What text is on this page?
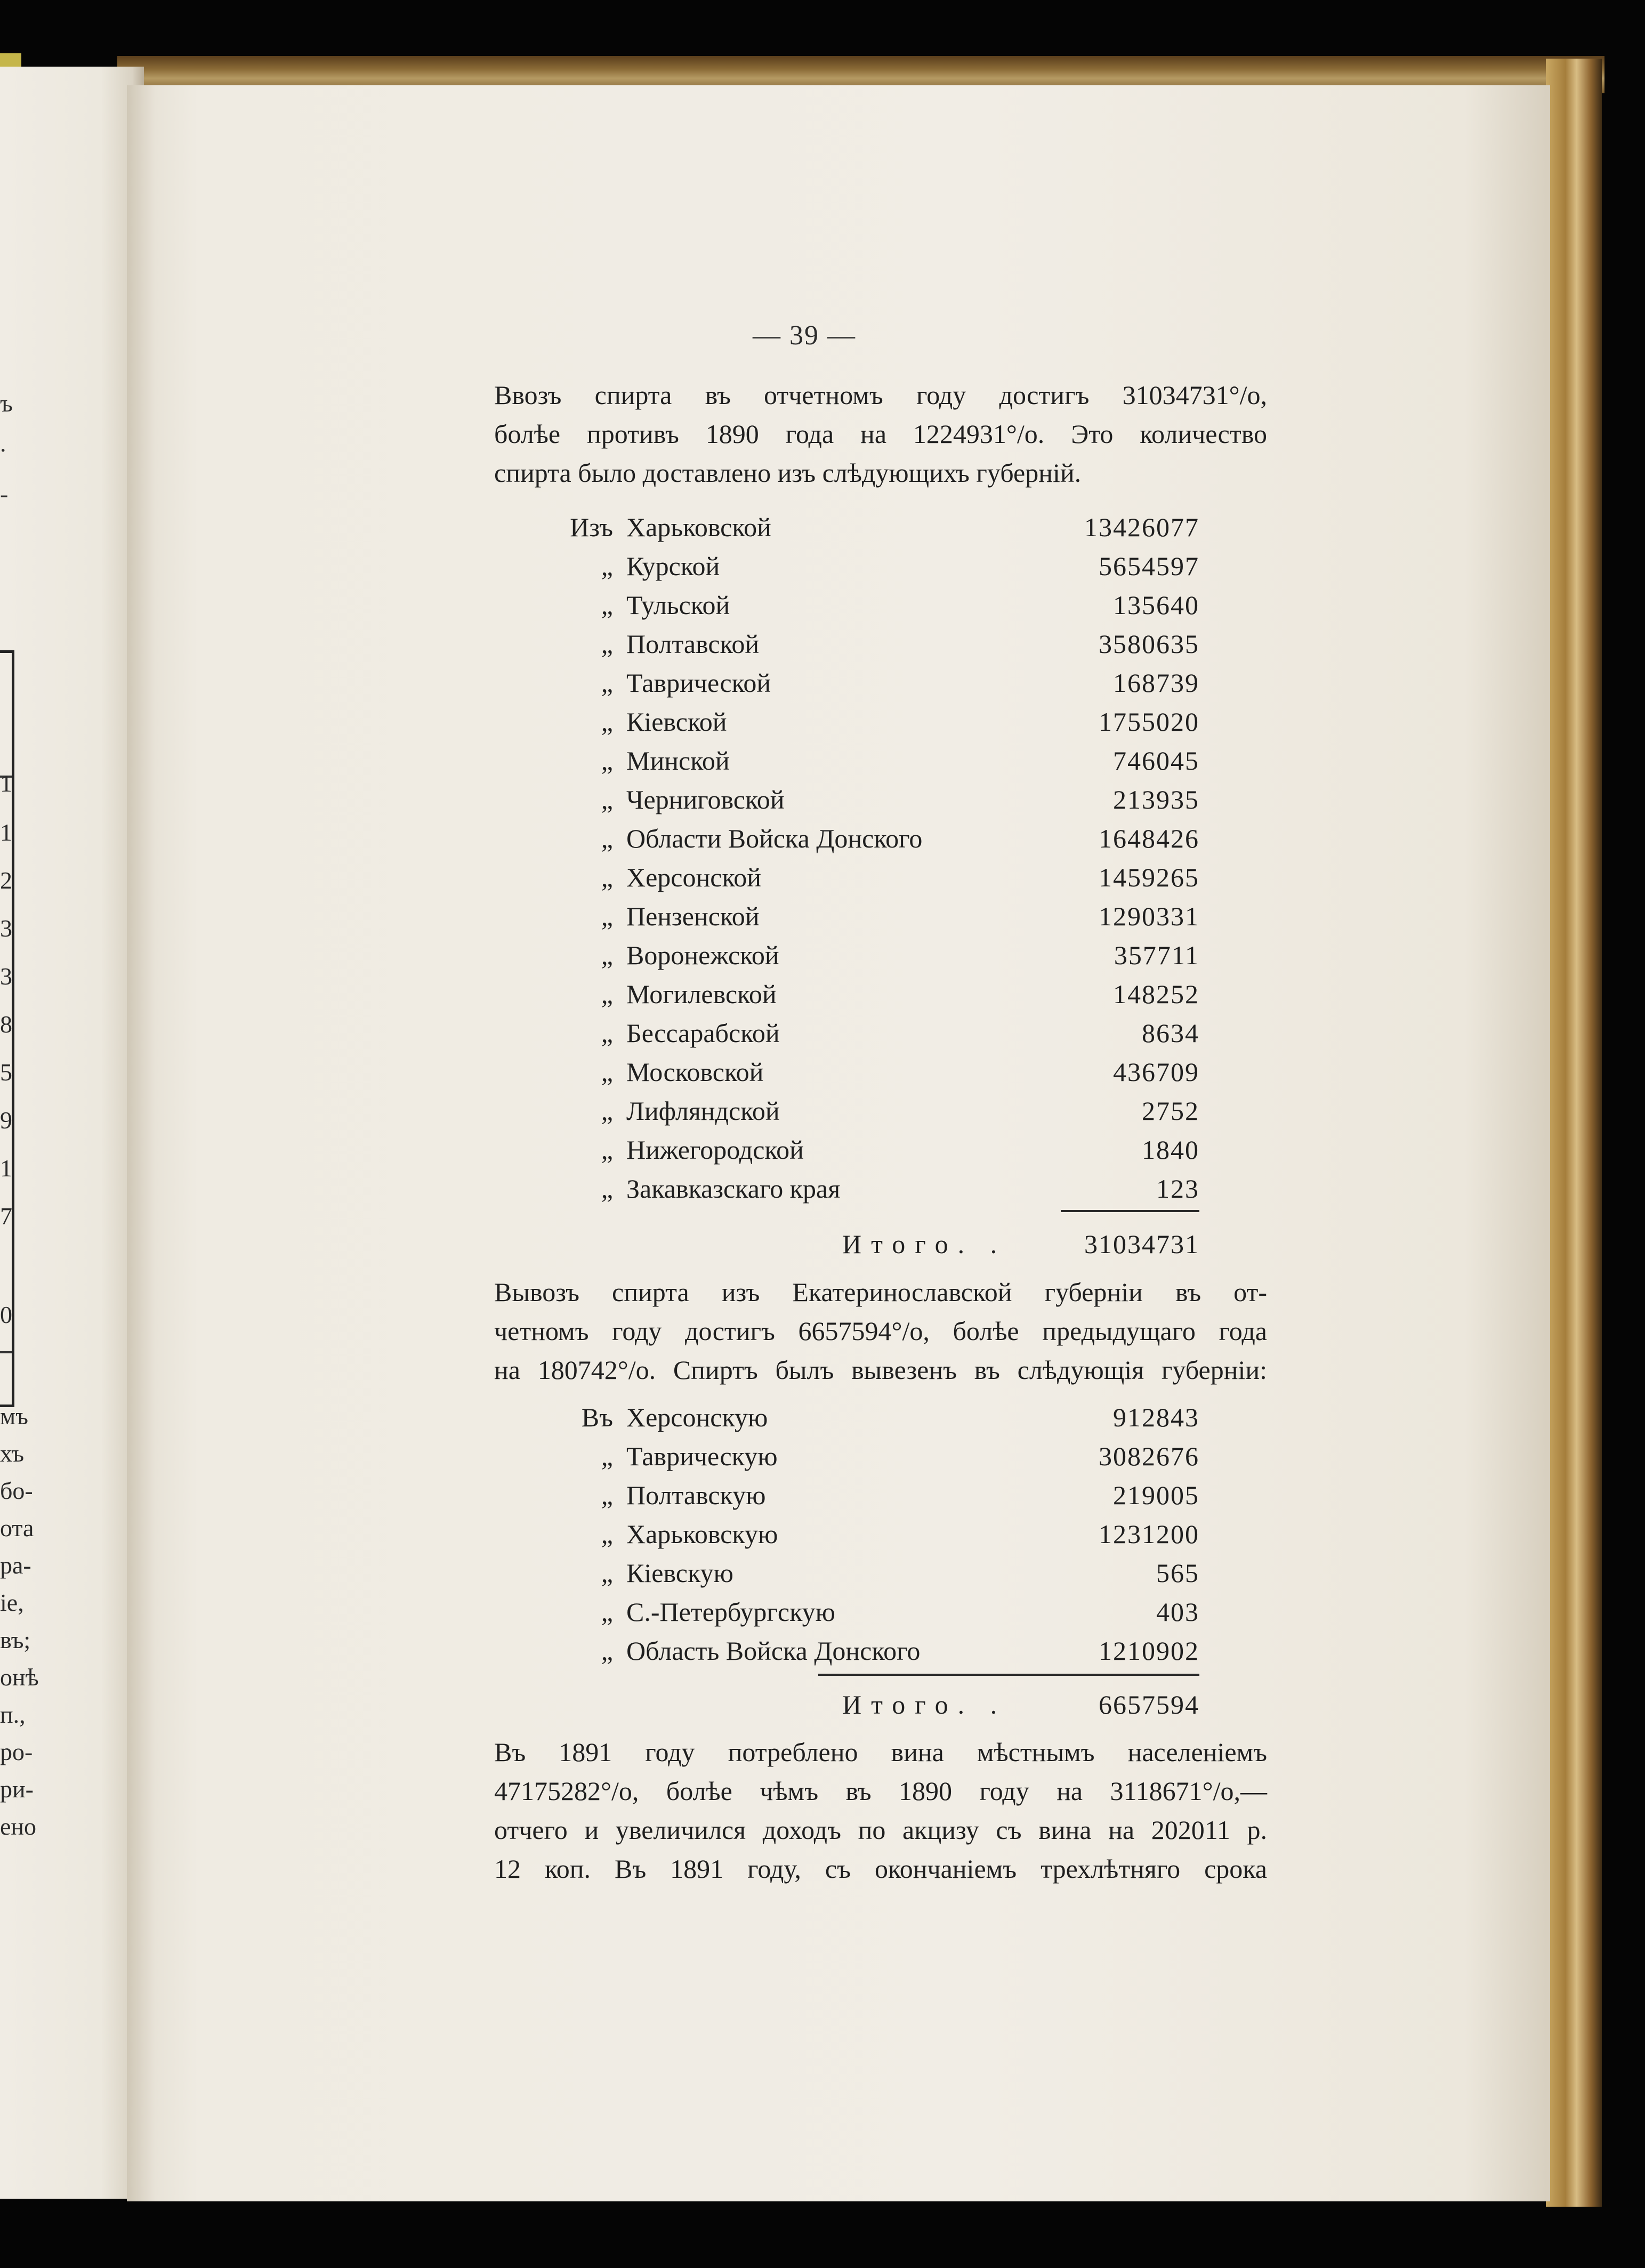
ъ
.
-
1
1
2
3
3
8
5
9
1
7
0
мъ
хъ
бо-
ота
ра-
іе,
въ;
онѣ
п.,
ро-
ри-
ено
— 39 —
Ввозъ спирта въ отчетномъ году достигъ 31034731°/о,
болѣе противъ 1890 года на 1224931°/о. Это количество
спирта было доставлено изъ слѣдующихъ губерній.
Изъ Харьковской	13426077
„ Курской	5654597
„ Тульской	135640
„ Полтавской	3580635
„ Таврической	168739
„ Кіевской	1755020
„ Минской	746045
„ Черниговской	213935
„ Области Войска Донского	1648426
„ Херсонской	1459265
„ Пензенской	1290331
„ Воронежской	357711
„ Могилевской	148252
„ Бессарабской	8634
„ Московской	436709
„ Лифляндской	2752
„ Нижегородской	1840
„ Закавказскаго края	123
Итого. .	31034731
Вывозъ спирта изъ Екатеринославской губерніи въ от-
четномъ году достигъ 6657594°/о, болѣе предыдущаго года
на 180742°/о. Спиртъ былъ вывезенъ въ слѣдующія губерніи:
Въ Херсонскую	912843
„ Таврическую	3082676
„ Полтавскую	219005
„ Харьковскую	1231200
„ Кіевскую	565
„ С.-Петербургскую	403
„ Область Войска Донского	1210902
Итого. .	6657594
Въ 1891 году потреблено вина мѣстнымъ населеніемъ
47175282°/о, болѣе чѣмъ въ 1890 году на 3118671°/о,—
отчего и увеличился доходъ по акцизу съ вина на 202011 р.
12 коп. Въ 1891 году, съ окончаніемъ трехлѣтняго срока
